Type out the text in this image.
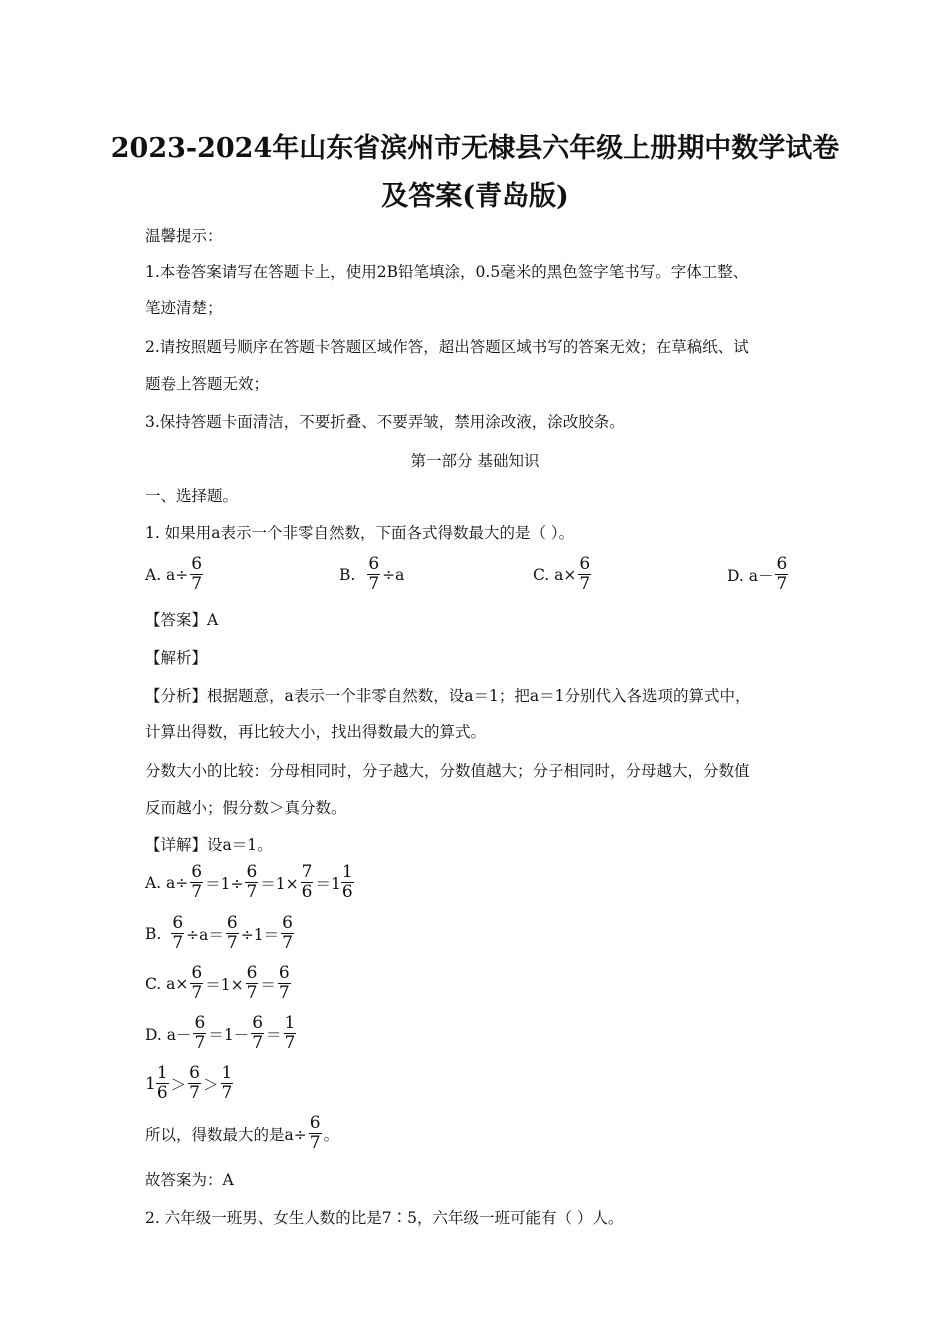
2023-2024年山东省滨州市无棣县六年级上册期中数学试卷
及答案(青岛版)
温馨提示：
1.本卷答案请写在答题卡上，使用2B铅笔填涂，0.5毫米的黑色签字笔书写。字体工整、
笔迹清楚；
2.请按照题号顺序在答题卡答题区域作答，超出答题区域书写的答案无效；在草稿纸、试
题卷上答题无效；
3.保持答题卡面清洁，不要折叠、不要弄皱，禁用涂改液，涂改胶条。
第一部分 基础知识
一、选择题。
1. 如果用a表示一个非零自然数，下面各式得数最大的是（ ）。
A. $a\div \frac{6}{7}$	B. $\frac{6}{7} \div a$	C. $a\times \frac{6}{7}$	D. $a- \frac{6}{7}$
【答案】A
【解析】
【分析】根据题意，a表示一个非零自然数，设a＝1；把a＝1分别代入各选项的算式中，
计算出得数，再比较大小，找出得数最大的算式。
分数大小的比较：分母相同时，分子越大，分数值越大；分子相同时，分母越大，分数值
反而越小；假分数＞真分数。
【详解】设a＝1。
A. $a\div \frac{6}{7} =1\div \frac{6}{7} =1\times \frac{7}{6} =1 \frac{1}{6}$
B. $\frac{6}{7} \div a= \frac{6}{7} \div 1= \frac{6}{7}$
C. $a\times \frac{6}{7} =1\times \frac{6}{7} = \frac{6}{7}$
D. $a- \frac{6}{7} =1- \frac{6}{7} = \frac{1}{7}$
$1 \frac{1}{6} > \frac{6}{7} > \frac{1}{7}$
所以，得数最大的是$a\div \frac{6}{7}$ 。
故答案为：A
2. 六年级一班男、女生人数的比是7∶5，六年级一班可能有（ ）人。
